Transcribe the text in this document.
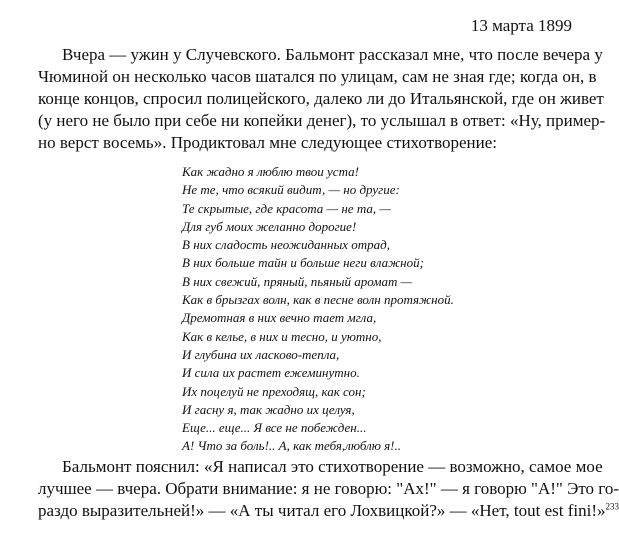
13 марта 1899
Вчера — ужин у Случевского. Бальмонт рассказал мне, что после вечера у
Чюминой он несколько часов шатался по улицам, сам не зная где; когда он, в
конце концов, спросил полицейского, далеко ли до Итальянской, где он живет
(у него не было при себе ни копейки денег), то услышал в ответ: «Ну, пример-
но верст восемь». Продиктовал мне следующее стихотворение:
Как жадно я люблю твои уста!
Не те, что всякий видит, — но другие:
Те скрытые, где красота — не та, —
Для губ моих желанно дорогие!
В них сладость неожиданных отрад,
В них больше тайн и больше неги влажной;
В них свежий, пряный, пьяный аромат —
Как в брызгах волн, как в песне волн протяжной.
Дремотная в них вечно тает мгла,
Как в келье, в них и тесно, и уютно,
И глубина их ласково-тепла,
И сила их растет ежеминутно.
Их поцелуй не преходящ, как сон;
И гасну я, так жадно их целуя,
Еще... еще... Я все не побежден...
А! Что за боль!.. А, как тебя,люблю я!..
Бальмонт пояснил: «Я написал это стихотворение — возможно, самое мое
лучшее — вчера. Обрати внимание: я не говорю: "Ах!" — я говорю "А!" Это го-
раздо выразительней!» — «А ты читал его Лохвицкой?» — «Нет, tout est fini!»$^{233}$
